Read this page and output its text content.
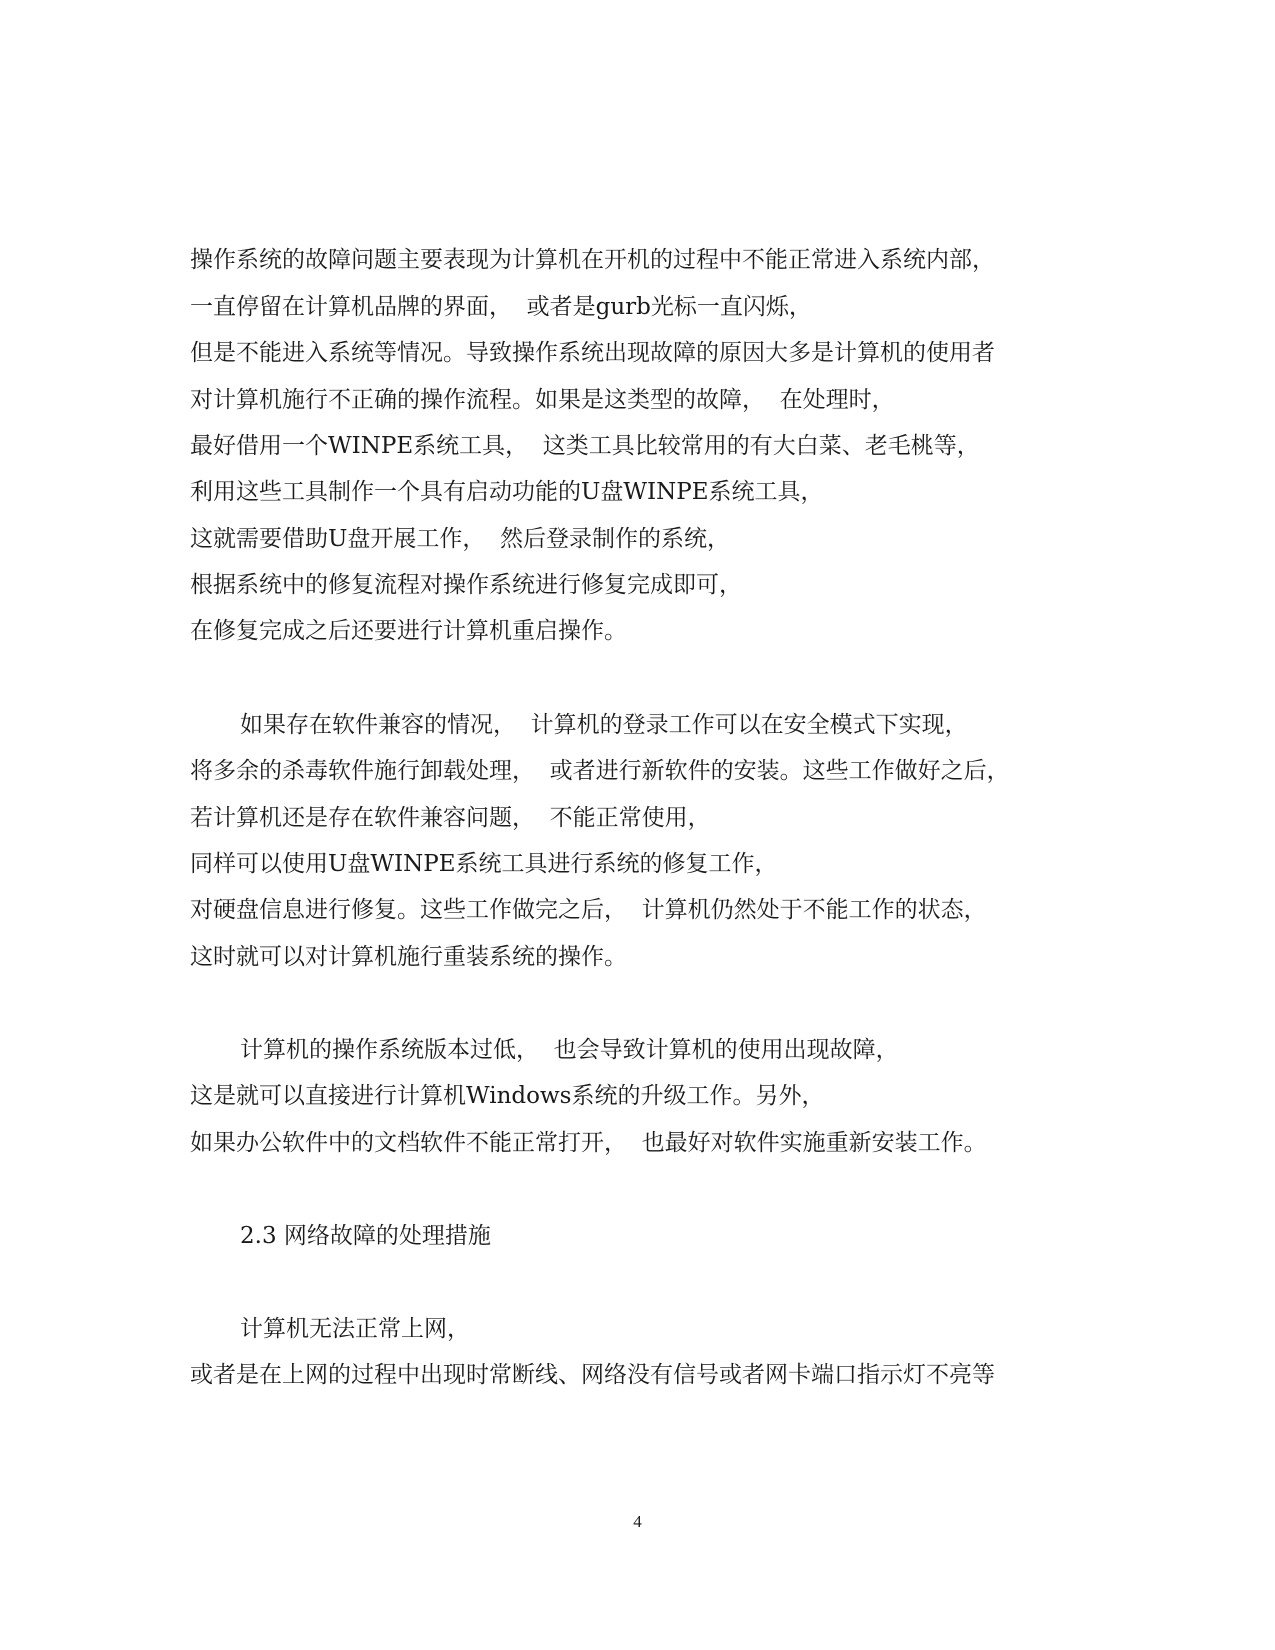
操作系统的故障问题主要表现为计算机在开机的过程中不能正常进入系统内部，
一直停留在计算机品牌的界面，  或者是gurb光标一直闪烁，
但是不能进入系统等情况。导致操作系统出现故障的原因大多是计算机的使用者
对计算机施行不正确的操作流程。如果是这类型的故障，  在处理时，
最好借用一个WINPE系统工具，  这类工具比较常用的有大白菜、老毛桃等，
利用这些工具制作一个具有启动功能的U盘WINPE系统工具，
这就需要借助U盘开展工作，  然后登录制作的系统，
根据系统中的修复流程对操作系统进行修复完成即可，
在修复完成之后还要进行计算机重启操作。
如果存在软件兼容的情况，  计算机的登录工作可以在安全模式下实现，
将多余的杀毒软件施行卸载处理，  或者进行新软件的安装。这些工作做好之后，
若计算机还是存在软件兼容问题，  不能正常使用，
同样可以使用U盘WINPE系统工具进行系统的修复工作，
对硬盘信息进行修复。这些工作做完之后，  计算机仍然处于不能工作的状态，
这时就可以对计算机施行重装系统的操作。
计算机的操作系统版本过低，  也会导致计算机的使用出现故障，
这是就可以直接进行计算机Windows系统的升级工作。另外，
如果办公软件中的文档软件不能正常打开，  也最好对软件实施重新安装工作。
2.3 网络故障的处理措施
计算机无法正常上网，
或者是在上网的过程中出现时常断线、网络没有信号或者网卡端口指示灯不亮等
4
